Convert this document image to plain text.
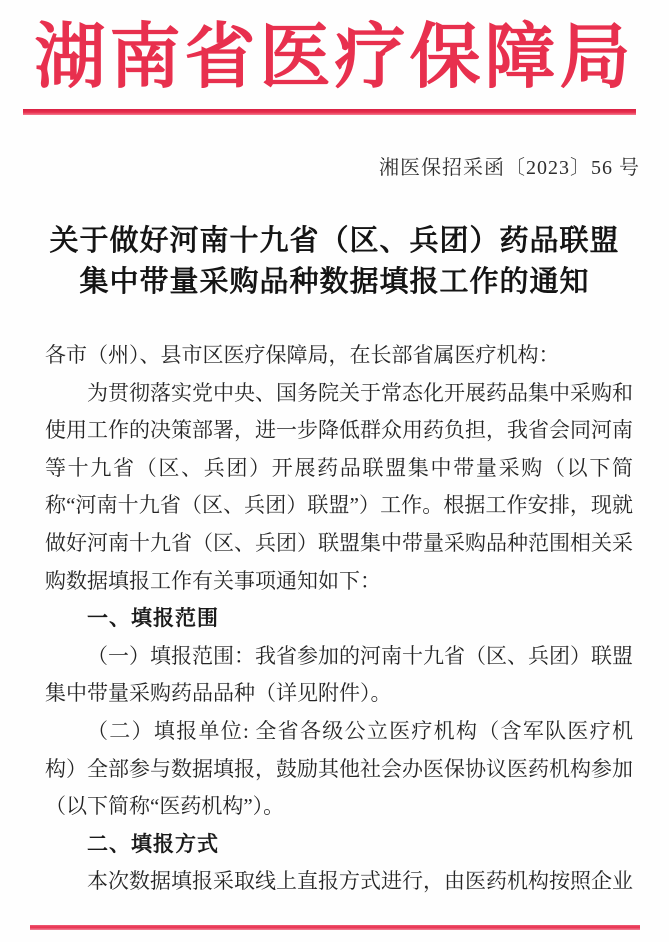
湖南省医疗保障局
湘医保招采函〔2023〕56 号
关于做好河南十九省（区、兵团）药品联盟
集中带量采购品种数据填报工作的通知
各市（州）、县市区医疗保障局，在长部省属医疗机构：
为贯彻落实党中央、国务院关于常态化开展药品集中采购和使用工作的决策部署，进一步降低群众用药负担，我省会同河南等十九省（区、兵团）开展药品联盟集中带量采购（以下简称“河南十九省（区、兵团）联盟”）工作。根据工作安排，现就做好河南十九省（区、兵团）联盟集中带量采购品种范围相关采购数据填报工作有关事项通知如下：
一、填报范围
（一）填报范围：我省参加的河南十九省（区、兵团）联盟集中带量采购药品品种（详见附件）。
（二）填报单位: 全省各级公立医疗机构（含军队医疗机构）全部参与数据填报，鼓励其他社会办医保协议医药机构参加（以下简称“医药机构”）。
二、填报方式
本次数据填报采取线上直报方式进行，由医药机构按照企业
